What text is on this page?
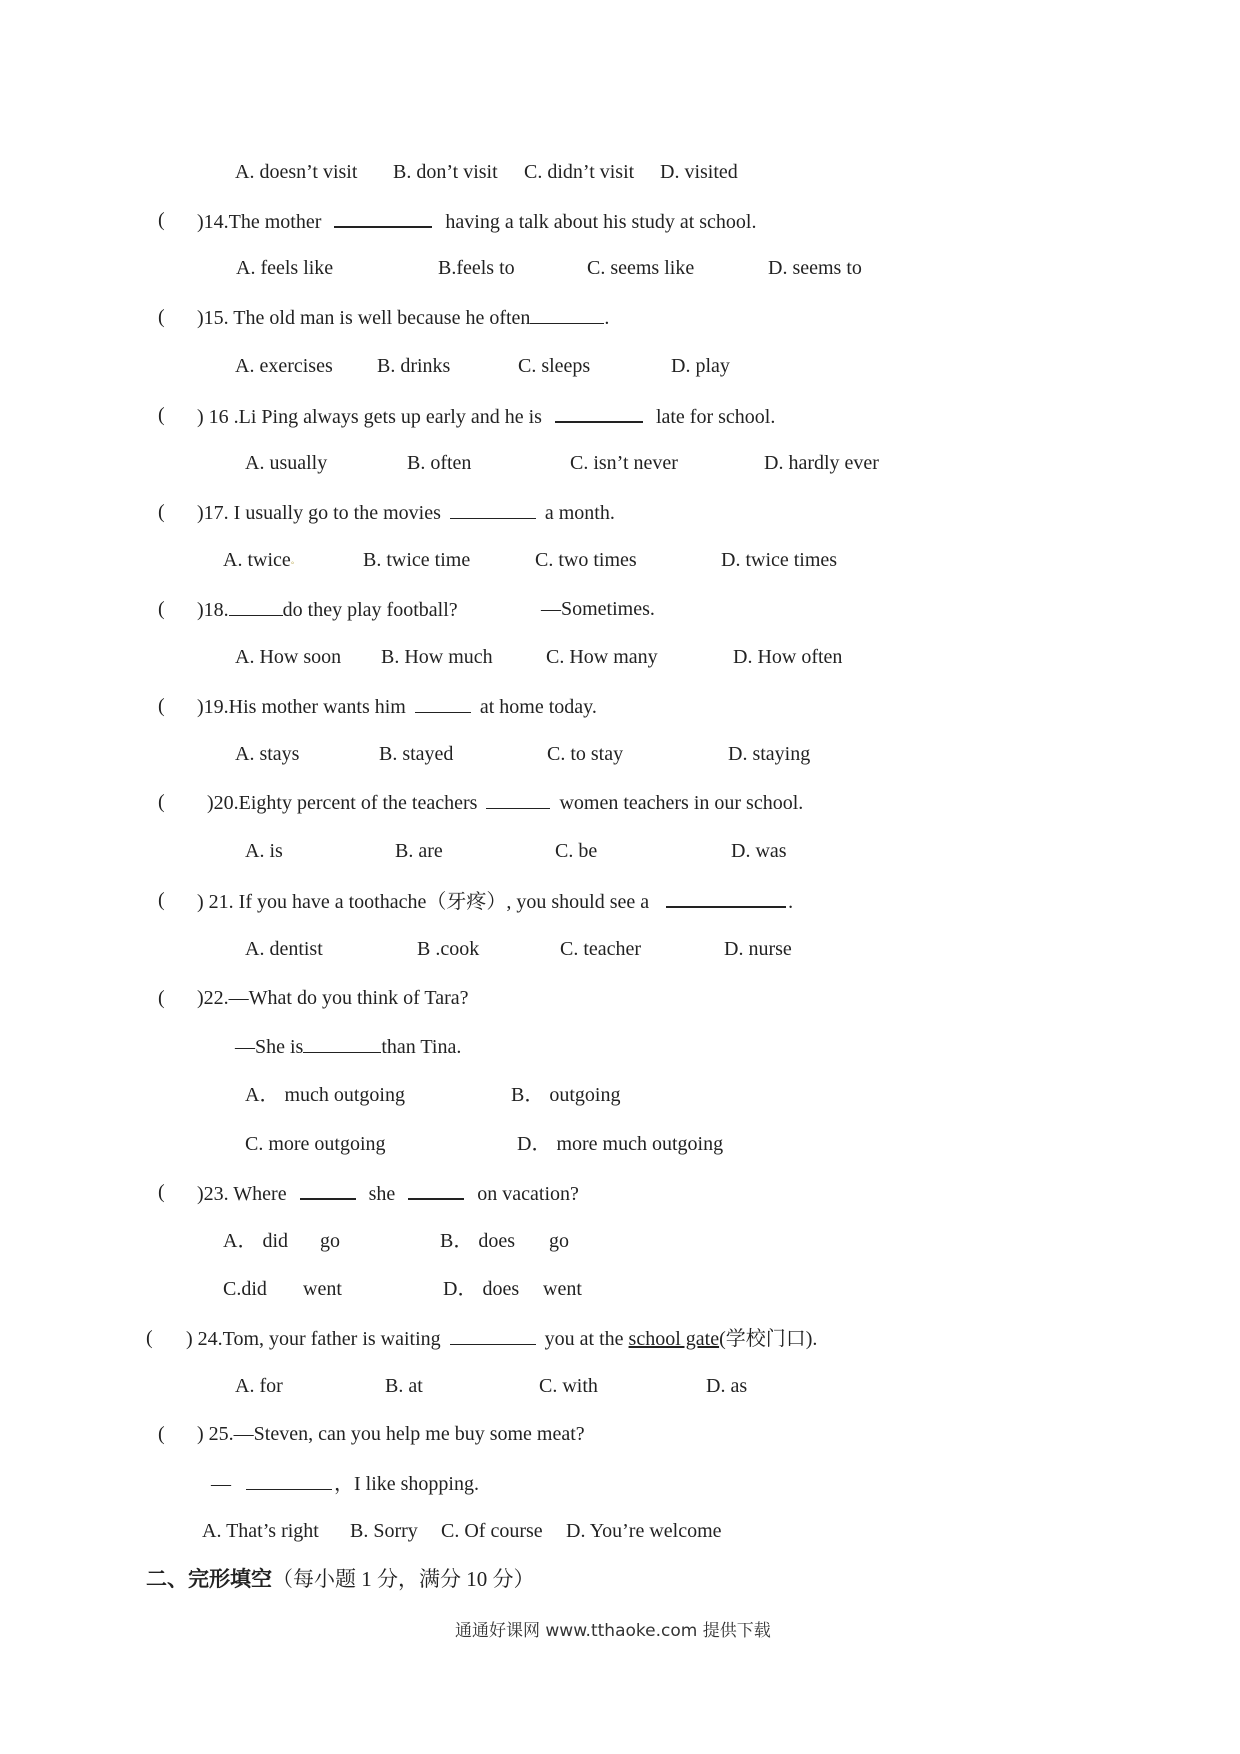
A. doesn’t visit B. don’t visit C. didn’t visit D. visited
( )14.The mother	having a talk about his study at school.
A. feels like	B.feels to	C. seems like	D. seems to
( )15. The old man is well because he often	.
A. exercises B. drinks	C. sleeps	D. play
( ) 16 .Li Ping always gets up early and he is	late for school.
A. usually	B. often	C. isn’t never	D. hardly ever
( )17. I usually go to the movies	a month.
A. twice◦	B. twice time	C. two times	D. twice times
( )18.	do they play football?	—Sometimes.
A. How soon B. How much	C. How many	D. How often
( )19.His mother wants him	at home today.
A. stays	B. stayed	C. to stay	D. staying
( )20.Eighty percent of the teachers	women teachers in our school.
A. is	B. are	C. be	D. was
( ) 21. If you have a toothache（牙疼）, you should see a	.
A. dentist	B .cook	C. teacher	D. nurse
( )22.—What do you think of Tara?
—She is	than Tina.
A． much outgoing	B． outgoing
C. more outgoing	D． more much outgoing
( )23. Where	she	on vacation?
A． did go	B． does go
C.did went	D． does went
( ) 24.Tom, your father is waiting	you at the school gate(学校门口).
A. for	B. at	C. with	D. as
( ) 25.—Steven, can you help me buy some meat?
—	，I like shopping.
A. That’s right B. Sorry C. Of course D. You’re welcome
二、完形填空（每小题 1 分，满分 10 分）
通通好课网 www.tthaoke.com 提供下载
